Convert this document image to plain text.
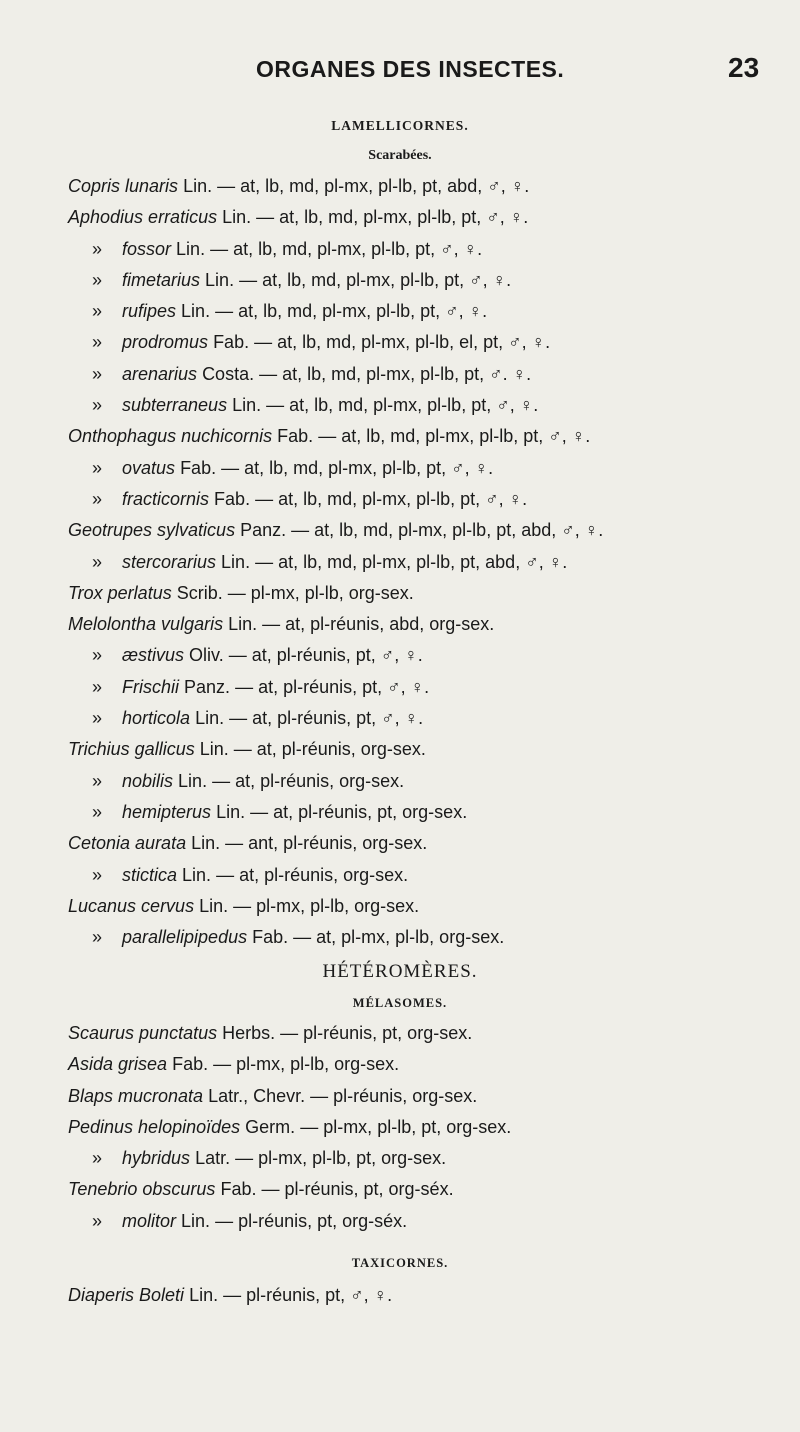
ORGANES DES INSECTES.	23
LAMELLICORNES.
Scarabées.
Copris lunaris Lin. — at, lb, md, pl-mx, pl-lb, pt, abd, ♂, ♀.
Aphodius erraticus Lin. — at, lb, md, pl-mx, pl-lb, pt, ♂, ♀.
» fossor Lin. — at, lb, md, pl-mx, pl-lb, pt, ♂, ♀.
» fimetarius Lin. — at, lb, md, pl-mx, pl-lb, pt, ♂, ♀.
» rufipes Lin. — at, lb, md, pl-mx, pl-lb, pt, ♂, ♀.
» prodromus Fab. — at, lb, md, pl-mx, pl-lb, el, pt, ♂, ♀.
» arenarius Costa. — at, lb, md, pl-mx, pl-lb, pt, ♂. ♀.
» subterraneus Lin. — at, lb, md, pl-mx, pl-lb, pt, ♂, ♀.
Onthophagus nuchicornis Fab. — at, lb, md, pl-mx, pl-lb, pt, ♂, ♀.
» ovatus Fab. — at, lb, md, pl-mx, pl-lb, pt, ♂, ♀.
» fracticornis Fab. — at, lb, md, pl-mx, pl-lb, pt, ♂, ♀.
Geotrupes sylvaticus Panz. — at, lb, md, pl-mx, pl-lb, pt, abd, ♂, ♀.
» stercorarius Lin. — at, lb, md, pl-mx, pl-lb, pt, abd, ♂, ♀.
Trox perlatus Scrib. — pl-mx, pl-lb, org-sex.
Melolontha vulgaris Lin. — at, pl-réunis, abd, org-sex.
» æstivus Oliv. — at, pl-réunis, pt, ♂, ♀.
» Frischii Panz. — at, pl-réunis, pt, ♂, ♀.
» horticola Lin. — at, pl-réunis, pt, ♂, ♀.
Trichius gallicus Lin. — at, pl-réunis, org-sex.
» nobilis Lin. — at, pl-réunis, org-sex.
» hemipterus Lin. — at, pl-réunis, pt, org-sex.
Cetonia aurata Lin. — ant, pl-réunis, org-sex.
» stictica Lin. — at, pl-réunis, org-sex.
Lucanus cervus Lin. — pl-mx, pl-lb, org-sex.
» parallelipipedus Fab. — at, pl-mx, pl-lb, org-sex.
HÉTÉROMÈRES.
MÉLASOMES.
Scaurus punctatus Herbs. — pl-réunis, pt, org-sex.
Asida grisea Fab. — pl-mx, pl-lb, org-sex.
Blaps mucronata Latr., Chevr. — pl-réunis, org-sex.
Pedinus helopinoïdes Germ. — pl-mx, pl-lb, pt, org-sex.
» hybridus Latr. — pl-mx, pl-lb, pt, org-sex.
Tenebrio obscurus Fab. — pl-réunis, pt, org-séx.
» molitor Lin. — pl-réunis, pt, org-séx.
TAXICORNES.
Diaperis Boleti Lin. — pl-réunis, pt, ♂, ♀.
